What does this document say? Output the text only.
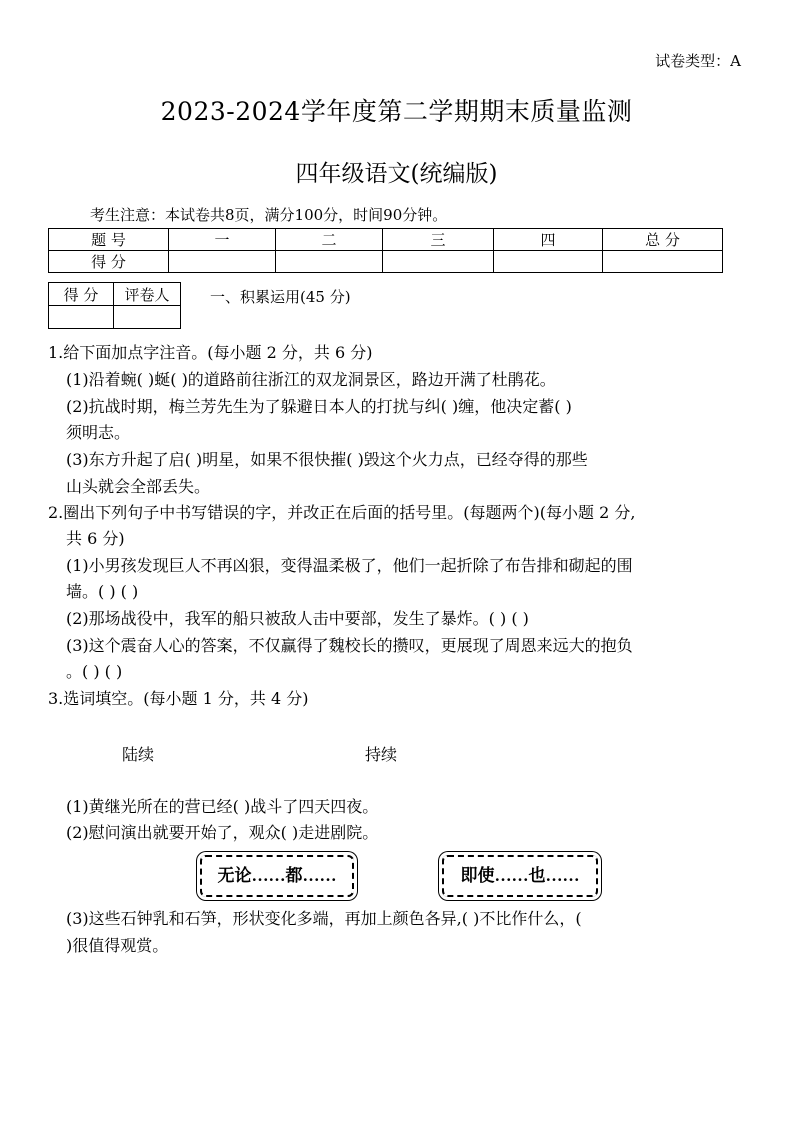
试卷类型：A
2023-2024学年度第二学期期末质量监测
四年级语文(统编版)
考生注意：本试卷共8页，满分100分，时间90分钟。
题 号	一	二	三	四	总 分
得 分					
得 分	评卷人
		一、积累运用(45 分)
1.给下面加点字注音。(每小题 2 分，共 6 分)
(1)沿着蜿( )蜒( )的道路前往浙江的双龙洞景区，路边开满了杜鹃花。
(2)抗战时期，梅兰芳先生为了躲避日本人的打扰与纠( )缠，他决定蓄( )
须明志。
(3)东方升起了启( )明星，如果不很快摧( )毁这个火力点，已经夺得的那些
山头就会全部丢失。
2.圈出下列句子中书写错误的字，并改正在后面的括号里。(每题两个)(每小题 2 分,
共 6 分)
(1)小男孩发现巨人不再凶狠，变得温柔极了，他们一起折除了布告排和砌起的围
墙。( ) ( )
(2)那场战役中，我军的船只被敌人击中要部，发生了暴炸。( ) ( )
(3)这个震奋人心的答案，不仅赢得了魏校长的攒叹，更展现了周恩来远大的抱负
。( ) ( )
3.选词填空。(每小题 1 分，共 4 分)
陆续	持续
(1)黄继光所在的营已经( )战斗了四天四夜。
(2)慰问演出就要开始了，观众( )走进剧院。
无论……都……	即使……也……
(3)这些石钟乳和石笋，形状变化多端，再加上颜色各异,( )不比作什么，(
)很值得观赏。
